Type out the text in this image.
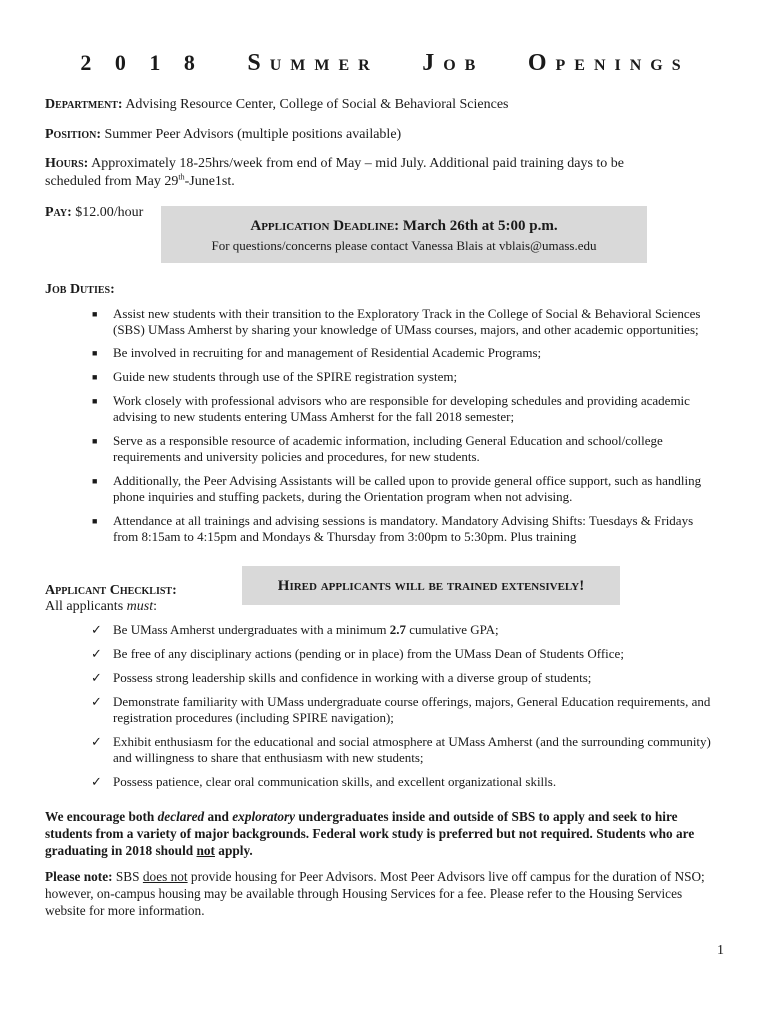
2 0 1 8 SUMMER JOB OPENINGS
Department: Advising Resource Center, College of Social & Behavioral Sciences
Position: Summer Peer Advisors (multiple positions available)
Hours: Approximately 18-25hrs/week from end of May – mid July. Additional paid training days to be
scheduled from May 29th-June1st.
Pay: $12.00/hour
Application Deadline: March 26th at 5:00 p.m.
For questions/concerns please contact Vanessa Blais at vblais@umass.edu
Job Duties:
■ Assist new students with their transition to the Exploratory Track in the College of Social & Behavioral Sciences (SBS) UMass Amherst by sharing your knowledge of UMass courses, majors, and other academic opportunities;
■ Be involved in recruiting for and management of Residential Academic Programs;
■ Guide new students through use of the SPIRE registration system;
■ Work closely with professional advisors who are responsible for developing schedules and providing academic advising to new students entering UMass Amherst for the fall 2018 semester;
■ Serve as a responsible resource of academic information, including General Education and school/college requirements and university policies and procedures, for new students.
■ Additionally, the Peer Advising Assistants will be called upon to provide general office support, such as handling phone inquiries and stuffing packets, during the Orientation program when not advising.
■ Attendance at all trainings and advising sessions is mandatory. Mandatory Advising Shifts: Tuesdays & Fridays from 8:15am to 4:15pm and Mondays & Thursday from 3:00pm to 5:30pm. Plus training
Applicant Checklist:
All applicants must:
Hired applicants will be trained extensively!
✓ Be UMass Amherst undergraduates with a minimum 2.7 cumulative GPA;
✓ Be free of any disciplinary actions (pending or in place) from the UMass Dean of Students Office;
✓ Possess strong leadership skills and confidence in working with a diverse group of students;
✓ Demonstrate familiarity with UMass undergraduate course offerings, majors, General Education requirements, and registration procedures (including SPIRE navigation);
✓ Exhibit enthusiasm for the educational and social atmosphere at UMass Amherst (and the surrounding community) and willingness to share that enthusiasm with new students;
✓ Possess patience, clear oral communication skills, and excellent organizational skills.
We encourage both declared and exploratory undergraduates inside and outside of SBS to apply and seek to hire students from a variety of major backgrounds. Federal work study is preferred but not required. Students who are graduating in 2018 should not apply.
Please note: SBS does not provide housing for Peer Advisors. Most Peer Advisors live off campus for the duration of NSO; however, on-campus housing may be available through Housing Services for a fee. Please refer to the Housing Services website for more information.
1
